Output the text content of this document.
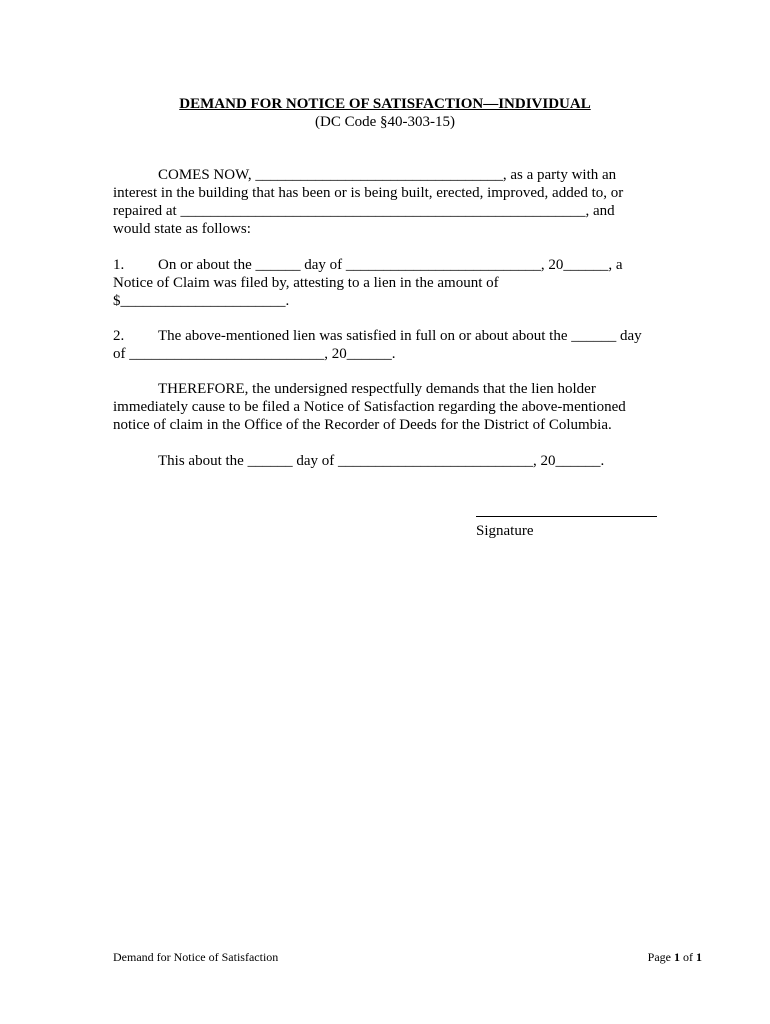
DEMAND FOR NOTICE OF SATISFACTION—INDIVIDUAL
(DC Code §40-303-15)
COMES NOW, _________________________________, as a party with an
interest in the building that has been or is being built, erected, improved, added to, or
repaired at ______________________________________________________, and
would state as follows:
1. On or about the ______ day of __________________________, 20______, a
Notice of Claim was filed by, attesting to a lien in the amount of
$______________________.
2. The above-mentioned lien was satisfied in full on or about about the ______ day
of __________________________, 20______.
THEREFORE, the undersigned respectfully demands that the lien holder
immediately cause to be filed a Notice of Satisfaction regarding the above-mentioned
notice of claim in the Office of the Recorder of Deeds for the District of Columbia.
This about the ______ day of __________________________, 20______.
Signature
Demand for Notice of Satisfaction	Page 1 of 1
